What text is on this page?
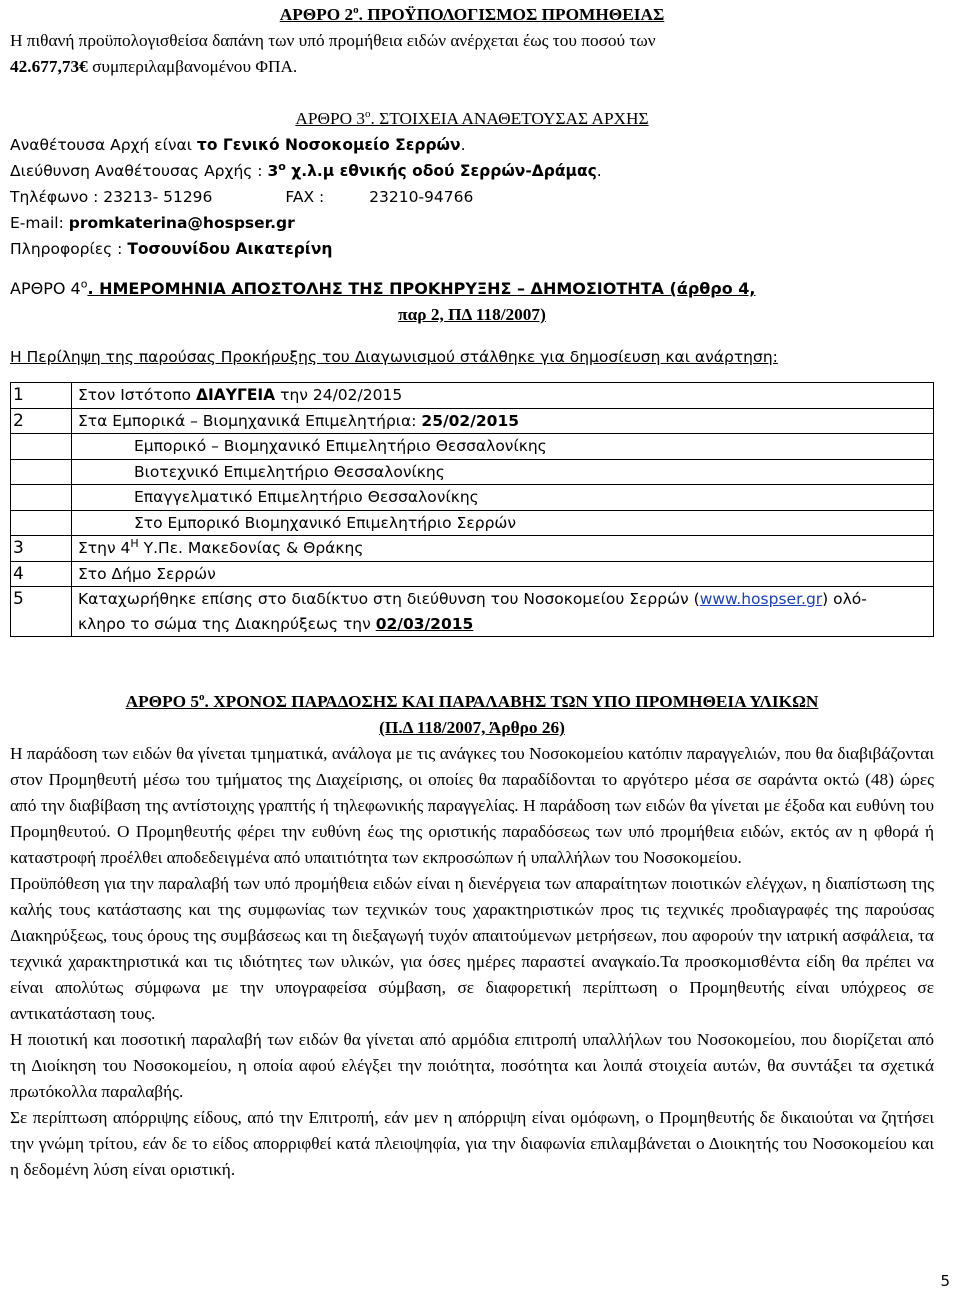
ΑΡΘΡΟ $2^o$. ΠΡΟΫΠΟΛΟΓΙΣΜΟΣ ΠΡΟΜΗΘΕΙΑΣ
Η πιθανή προϋπολογισθείσα δαπάνη των υπό προμήθεια ειδών ανέρχεται έως του ποσού των
42.677,73€ συμπεριλαμβανομένου ΦΠΑ.
ΑΡΘΡΟ $3^o$. ΣΤΟΙΧΕΙΑ ΑΝΑΘΕΤΟΥΣΑΣ ΑΡΧΗΣ
Αναθέτουσα Αρχή είναι το Γενικό Νοσοκομείο Σερρών.
Διεύθυνση Αναθέτουσας Αρχής : $3^o$ χ.λ.μ εθνικής οδού Σερρών-Δράμας.
Τηλέφωνο : 23213- 51296	FAX :	23210-94766
E-mail: promkaterina@hospser.gr
Πληροφορίες : Τοσουνίδου Αικατερίνη
ΑΡΘΡΟ $4^o$. ΗΜΕΡΟΜΗΝΙΑ ΑΠΟΣΤΟΛΗΣ ΤΗΣ ΠΡΟΚΗΡΥΞΗΣ – ΔΗΜΟΣΙΟΤΗΤΑ (άρθρο 4,
παρ 2, ΠΔ 118/2007)
Η Περίληψη της παρούσας Προκήρυξης του Διαγωνισμού στάλθηκε για δημοσίευση και ανάρτηση:
1	Στον Ιστότοπο ΔΙΑΥΓΕΙΑ την 24/02/2015
2	Στα Εμπορικά – Βιομηχανικά Επιμελητήρια: 25/02/2015
	Εμπορικό – Βιομηχανικό Επιμελητήριο Θεσσαλονίκης
	Βιοτεχνικό Επιμελητήριο Θεσσαλονίκης
	Επαγγελματικό Επιμελητήριο Θεσσαλονίκης
	Στο Εμπορικό Βιομηχανικό Επιμελητήριο Σερρών
3	Στην $4^H$ Υ.Πε. Μακεδονίας & Θράκης
4	Στο Δήμο Σερρών
5	Καταχωρήθηκε επίσης στο διαδίκτυο στη διεύθυνση του Νοσοκομείου Σερρών (www.hospser.gr) ολό-
κληρο το σώμα της Διακηρύξεως την 02/03/2015
ΑΡΘΡΟ $5^o$. ΧΡΟΝΟΣ ΠΑΡΑΔΟΣΗΣ ΚΑΙ ΠΑΡΑΛΑΒΗΣ ΤΩΝ ΥΠΟ ΠΡΟΜΗΘΕΙΑ ΥΛΙΚΩΝ
(Π.Δ 118/2007, Άρθρο 26)

Η παράδοση των ειδών θα γίνεται τμηματικά, ανάλογα με τις ανάγκες του Νοσοκομείου κατόπιν παραγγελιών, που θα διαβιβάζονται στον Προμηθευτή μέσω του τμήματος της Διαχείρισης, οι οποίες θα παραδίδονται το αργότερο μέσα σε σαράντα οκτώ (48) ώρες από την διαβίβαση της αντίστοιχης γραπτής ή τηλεφωνικής παραγγελίας. Η παράδοση των ειδών θα γίνεται με έξοδα και ευθύνη του Προμηθευτού. Ο Προμηθευτής φέρει την ευθύνη έως της οριστικής παραδόσεως των υπό προμήθεια ειδών, εκτός αν η φθορά ή καταστροφή προέλθει αποδεδειγμένα από υπαιτιότητα των εκπροσώπων ή υπαλλήλων του Νοσοκομείου.

Προϋπόθεση για την παραλαβή των υπό προμήθεια ειδών είναι η διενέργεια των απαραίτητων ποιοτικών ελέγχων, η διαπίστωση της καλής τους κατάστασης και της συμφωνίας των τεχνικών τους χαρακτηριστικών προς τις τεχνικές προδιαγραφές της παρούσας Διακηρύξεως, τους όρους της συμβάσεως και τη διεξαγωγή τυχόν απαιτούμενων μετρήσεων, που αφορούν την ιατρική ασφάλεια, τα τεχνικά χαρακτηριστικά και τις ιδιότητες των υλικών, για όσες ημέρες παραστεί αναγκαίο.Τα προσκομισθέντα είδη θα πρέπει να είναι απολύτως σύμφωνα με την υπογραφείσα σύμβαση, σε διαφορετική περίπτωση ο Προμηθευτής είναι υπόχρεος σε αντικατάσταση τους.

Η ποιοτική και ποσοτική παραλαβή των ειδών θα γίνεται από αρμόδια επιτροπή υπαλλήλων του Νοσοκομείου, που διορίζεται από τη Διοίκηση του Νοσοκομείου, η οποία αφού ελέγξει την ποιότητα, ποσότητα και λοιπά στοιχεία αυτών, θα συντάξει τα σχετικά πρωτόκολλα παραλαβής.

Σε περίπτωση απόρριψης είδους, από την Επιτροπή, εάν μεν η απόρριψη είναι ομόφωνη, ο Προμηθευτής δε δικαιούται να ζητήσει την γνώμη τρίτου, εάν δε το είδος απορριφθεί κατά πλειοψηφία, για την διαφωνία επιλαμβάνεται ο Διοικητής του Νοσοκομείου και η δεδομένη λύση είναι οριστική.

5
